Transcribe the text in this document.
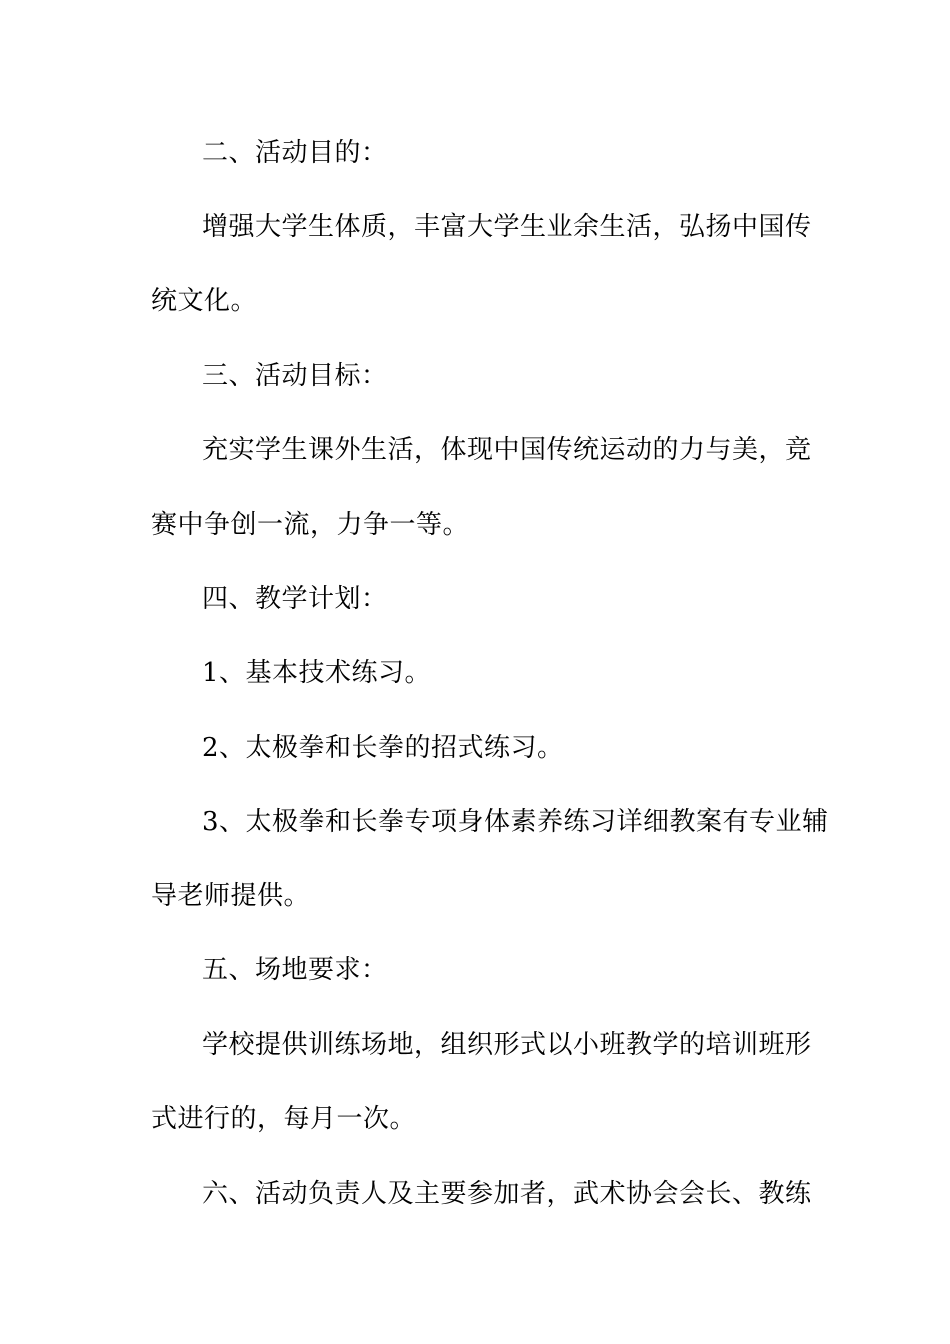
二、活动目的：
增强大学生体质，丰富大学生业余生活，弘扬中国传
统文化。
三、活动目标：
充实学生课外生活，体现中国传统运动的力与美，竞
赛中争创一流，力争一等。
四、教学计划：
1、基本技术练习。
2、太极拳和长拳的招式练习。
3、太极拳和长拳专项身体素养练习详细教案有专业辅
导老师提供。
五、场地要求：
学校提供训练场地，组织形式以小班教学的培训班形
式进行的，每月一次。
六、活动负责人及主要参加者，武术协会会长、教练
